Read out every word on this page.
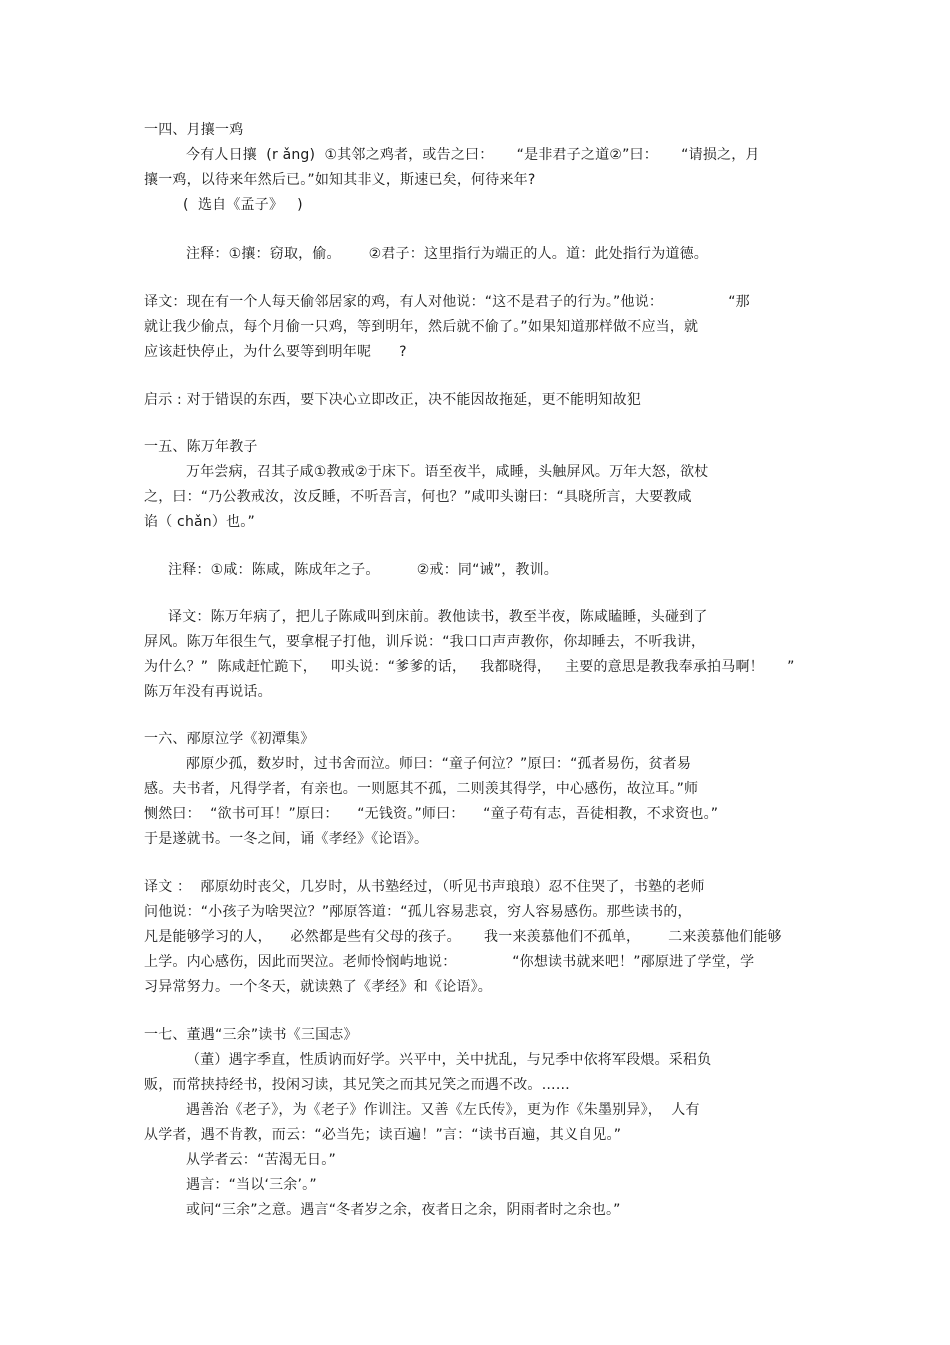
一四、月攘一鸡
今有人日攘  (r ǎng)  ①其邻之鸡者，或告之曰：     “是非君子之道②”曰：     “请损之，月
攘一鸡，以待来年然后已。”如知其非义，斯速已矣，何待来年?
(  选自《孟子》   )
注释：①攘：窃取，偷。      ②君子：这里指行为端正的人。道：此处指行为道德。
译文：现在有一个人每天偷邻居家的鸡，有人对他说：“这不是君子的行为。”他说：              “那
就让我少偷点，每个月偷一只鸡，等到明年，然后就不偷了。”如果知道那样做不应当，就
应该赶快停止，为什么要等到明年呢      ?
启示 : 对于错误的东西，要下决心立即改正，决不能因故拖延，更不能明知故犯
一五、陈万年教子
万年尝病，召其子咸①教戒②于床下。语至夜半，咸睡，头触屏风。万年大怒，欲杖
之，曰：“乃公教戒汝，汝反睡，不听吾言，何也？”咸叩头谢曰：“具晓所言，大要教咸
谄（ chǎn）也。”
注释：①咸：陈咸，陈成年之子。        ②戒：同“诫”，教训。
译文：陈万年病了，把儿子陈咸叫到床前。教他读书，教至半夜，陈咸瞌睡，头碰到了
屏风。陈万年很生气，要拿棍子打他，训斥说：“我口口声声教你，你却睡去，不听我讲，
为什么？”  陈咸赶忙跪下，   叩头说：“爹爹的话，   我都晓得，   主要的意思是教我奉承拍马啊！     ”
陈万年没有再说话。
一六、邴原泣学《初潭集》
邴原少孤，数岁时，过书舍而泣。师曰：“童子何泣？”原曰：“孤者易伤，贫者易
感。夫书者，凡得学者，有亲也。一则愿其不孤，二则羡其得学，中心感伤，故泣耳。”师
恻然曰：  “欲书可耳！”原曰：    “无钱资。”师曰：    “童子苟有志，吾徒相教，不求资也。”
于是遂就书。一冬之间，诵《孝经》《论语》。
译文 ：  邴原幼时丧父，几岁时，从书塾经过，（听见书声琅琅）忍不住哭了，书塾的老师
问他说：“小孩子为啥哭泣？”邴原答道：“孤儿容易悲哀，穷人容易感伤。那些读书的，
凡是能够学习的人，    必然都是些有父母的孩子。     我一来羡慕他们不孤单，      二来羡慕他们能够
上学。内心感伤，因此而哭泣。老师怜悯屿地说：            “你想读书就来吧！”邴原进了学堂，学
习异常努力。一个冬天，就读熟了《孝经》和《论语》。
一七、董遇“三余”读书《三国志》
（董）遇字季直，性质讷而好学。兴平中，关中扰乱，与兄季中依将军段煨。采稆负
贩，而常挟持经书，投闲习读，其兄笑之而其兄笑之而遇不改。……
遇善治《老子》，为《老子》作训注。又善《左氏传》，更为作《朱墨别异》，  人有
从学者，遇不肯教，而云：“必当先；读百遍！”言：“读书百遍，其义自见。”
从学者云：“苦渴无日。”
遇言：“当以‘三余’。”
或问“三余”之意。遇言“冬者岁之余，夜者日之余，阴雨者时之余也。”
